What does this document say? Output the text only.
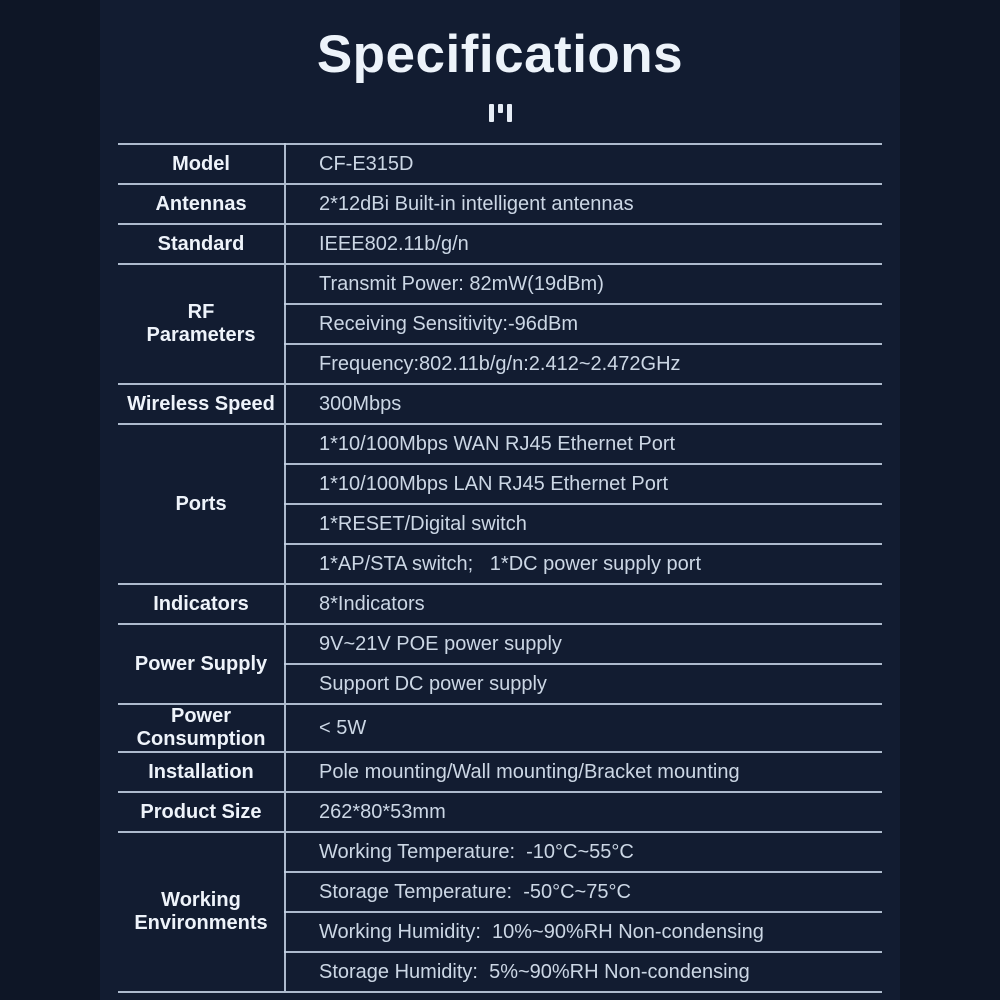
Specifications
Model	CF-E315D
Antennas	2*12dBi Built-in intelligent antennas
Standard	IEEE802.11b/g/n
RF
Parameters	Transmit Power: 82mW(19dBm)
	Receiving Sensitivity:-96dBm
	Frequency:802.11b/g/n:2.412~2.472GHz
Wireless Speed	300Mbps
Ports	1*10/100Mbps WAN RJ45 Ethernet Port
	1*10/100Mbps LAN RJ45 Ethernet Port
	1*RESET/Digital switch
	1*AP/STA switch;   1*DC power supply port
Indicators	8*Indicators
Power Supply	9V~21V POE power supply
	Support DC power supply
Power
Consumption	< 5W
Installation	Pole mounting/Wall mounting/Bracket mounting
Product Size	262*80*53mm
Working
Environments	Working Temperature:  -10°C~55°C
	Storage Temperature:  -50°C~75°C
	Working Humidity:  10%~90%RH Non-condensing
	Storage Humidity:  5%~90%RH Non-condensing
